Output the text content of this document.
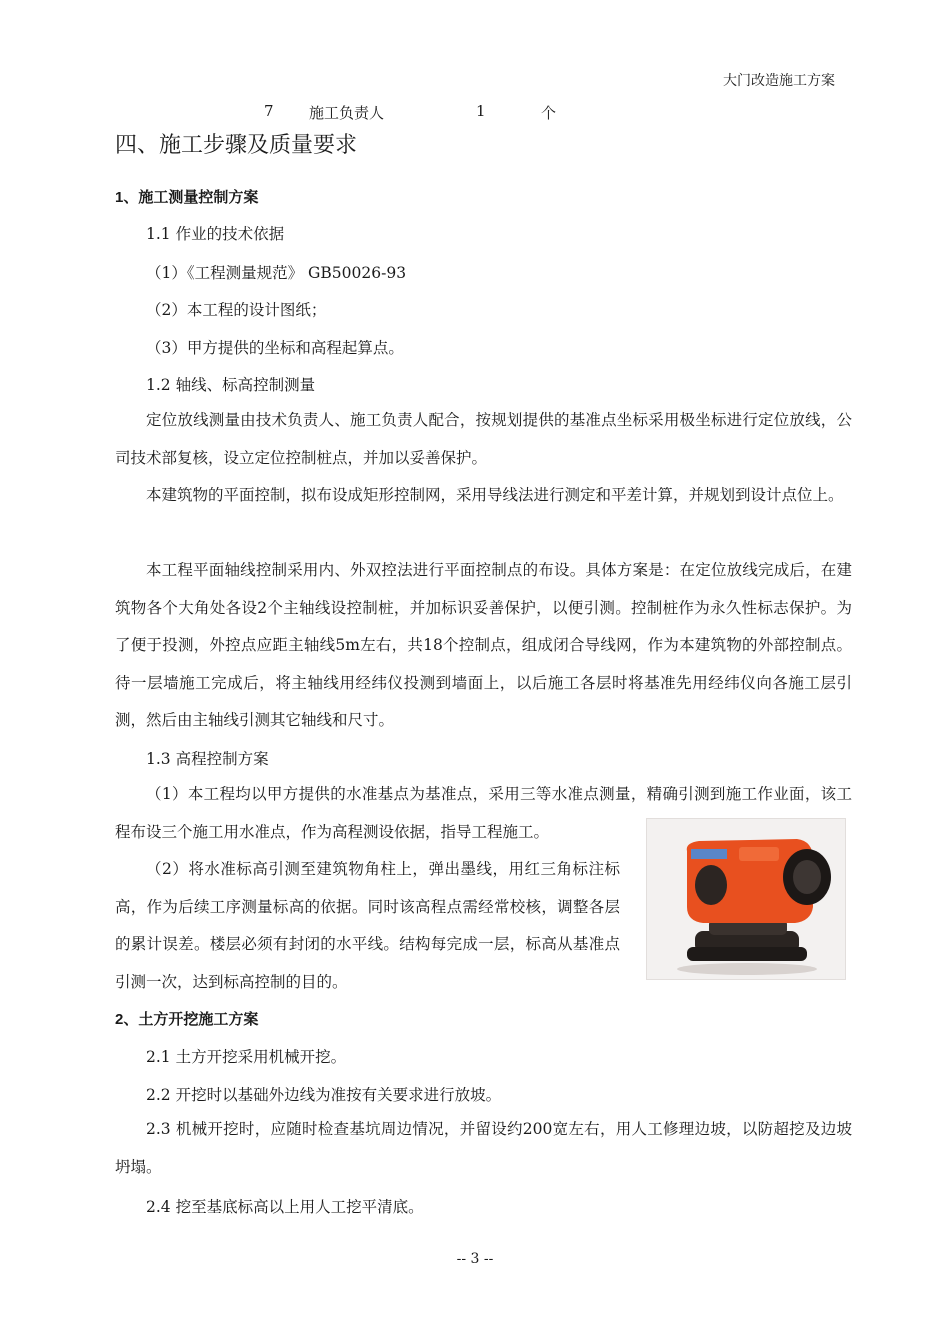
大门改造施工方案
7 施工负责人	1	个
四、施工步骤及质量要求
1、施工测量控制方案
1.1 作业的技术依据
（1）《工程测量规范》 GB50026-93
（2）本工程的设计图纸；
（3）甲方提供的坐标和高程起算点。
1.2 轴线、标高控制测量
定位放线测量由技术负责人、施工负责人配合，按规划提供的基准点坐标采用极坐标进行定位放线，公司技术部复核，设立定位控制桩点，并加以妥善保护。
本建筑物的平面控制，拟布设成矩形控制网，采用导线法进行测定和平差计算，并规划到设计点位上。
本工程平面轴线控制采用内、外双控法进行平面控制点的布设。具体方案是：在定位放线完成后，在建筑物各个大角处各设2个主轴线设控制桩，并加标识妥善保护，以便引测。控制桩作为永久性标志保护。为了便于投测，外控点应距主轴线5m左右，共18个控制点，组成闭合导线网，作为本建筑物的外部控制点。待一层墙施工完成后，将主轴线用经纬仪投测到墙面上，以后施工各层时将基准先用经纬仪向各施工层引测，然后由主轴线引测其它轴线和尺寸。
1.3 高程控制方案
（1）本工程均以甲方提供的水准基点为基准点，采用三等水准点测量，精确引测到施工作业面，该工程布设三个施工用水准点，作为高程测设依据，指导工程施工。
（2）将水准标高引测至建筑物角柱上，弹出墨线，用红三角标注标高，作为后续工序测量标高的依据。同时该高程点需经常校核，调整各层的累计误差。楼层必须有封闭的水平线。结构每完成一层，标高从基准点引测一次，达到标高控制的目的。
2、土方开挖施工方案
2.1 土方开挖采用机械开挖。
2.2 开挖时以基础外边线为准按有关要求进行放坡。
2.3 机械开挖时，应随时检查基坑周边情况，并留设约200宽左右，用人工修理边坡，以防超挖及边坡坍塌。
2.4 挖至基底标高以上用人工挖平清底。
-- 3 --
